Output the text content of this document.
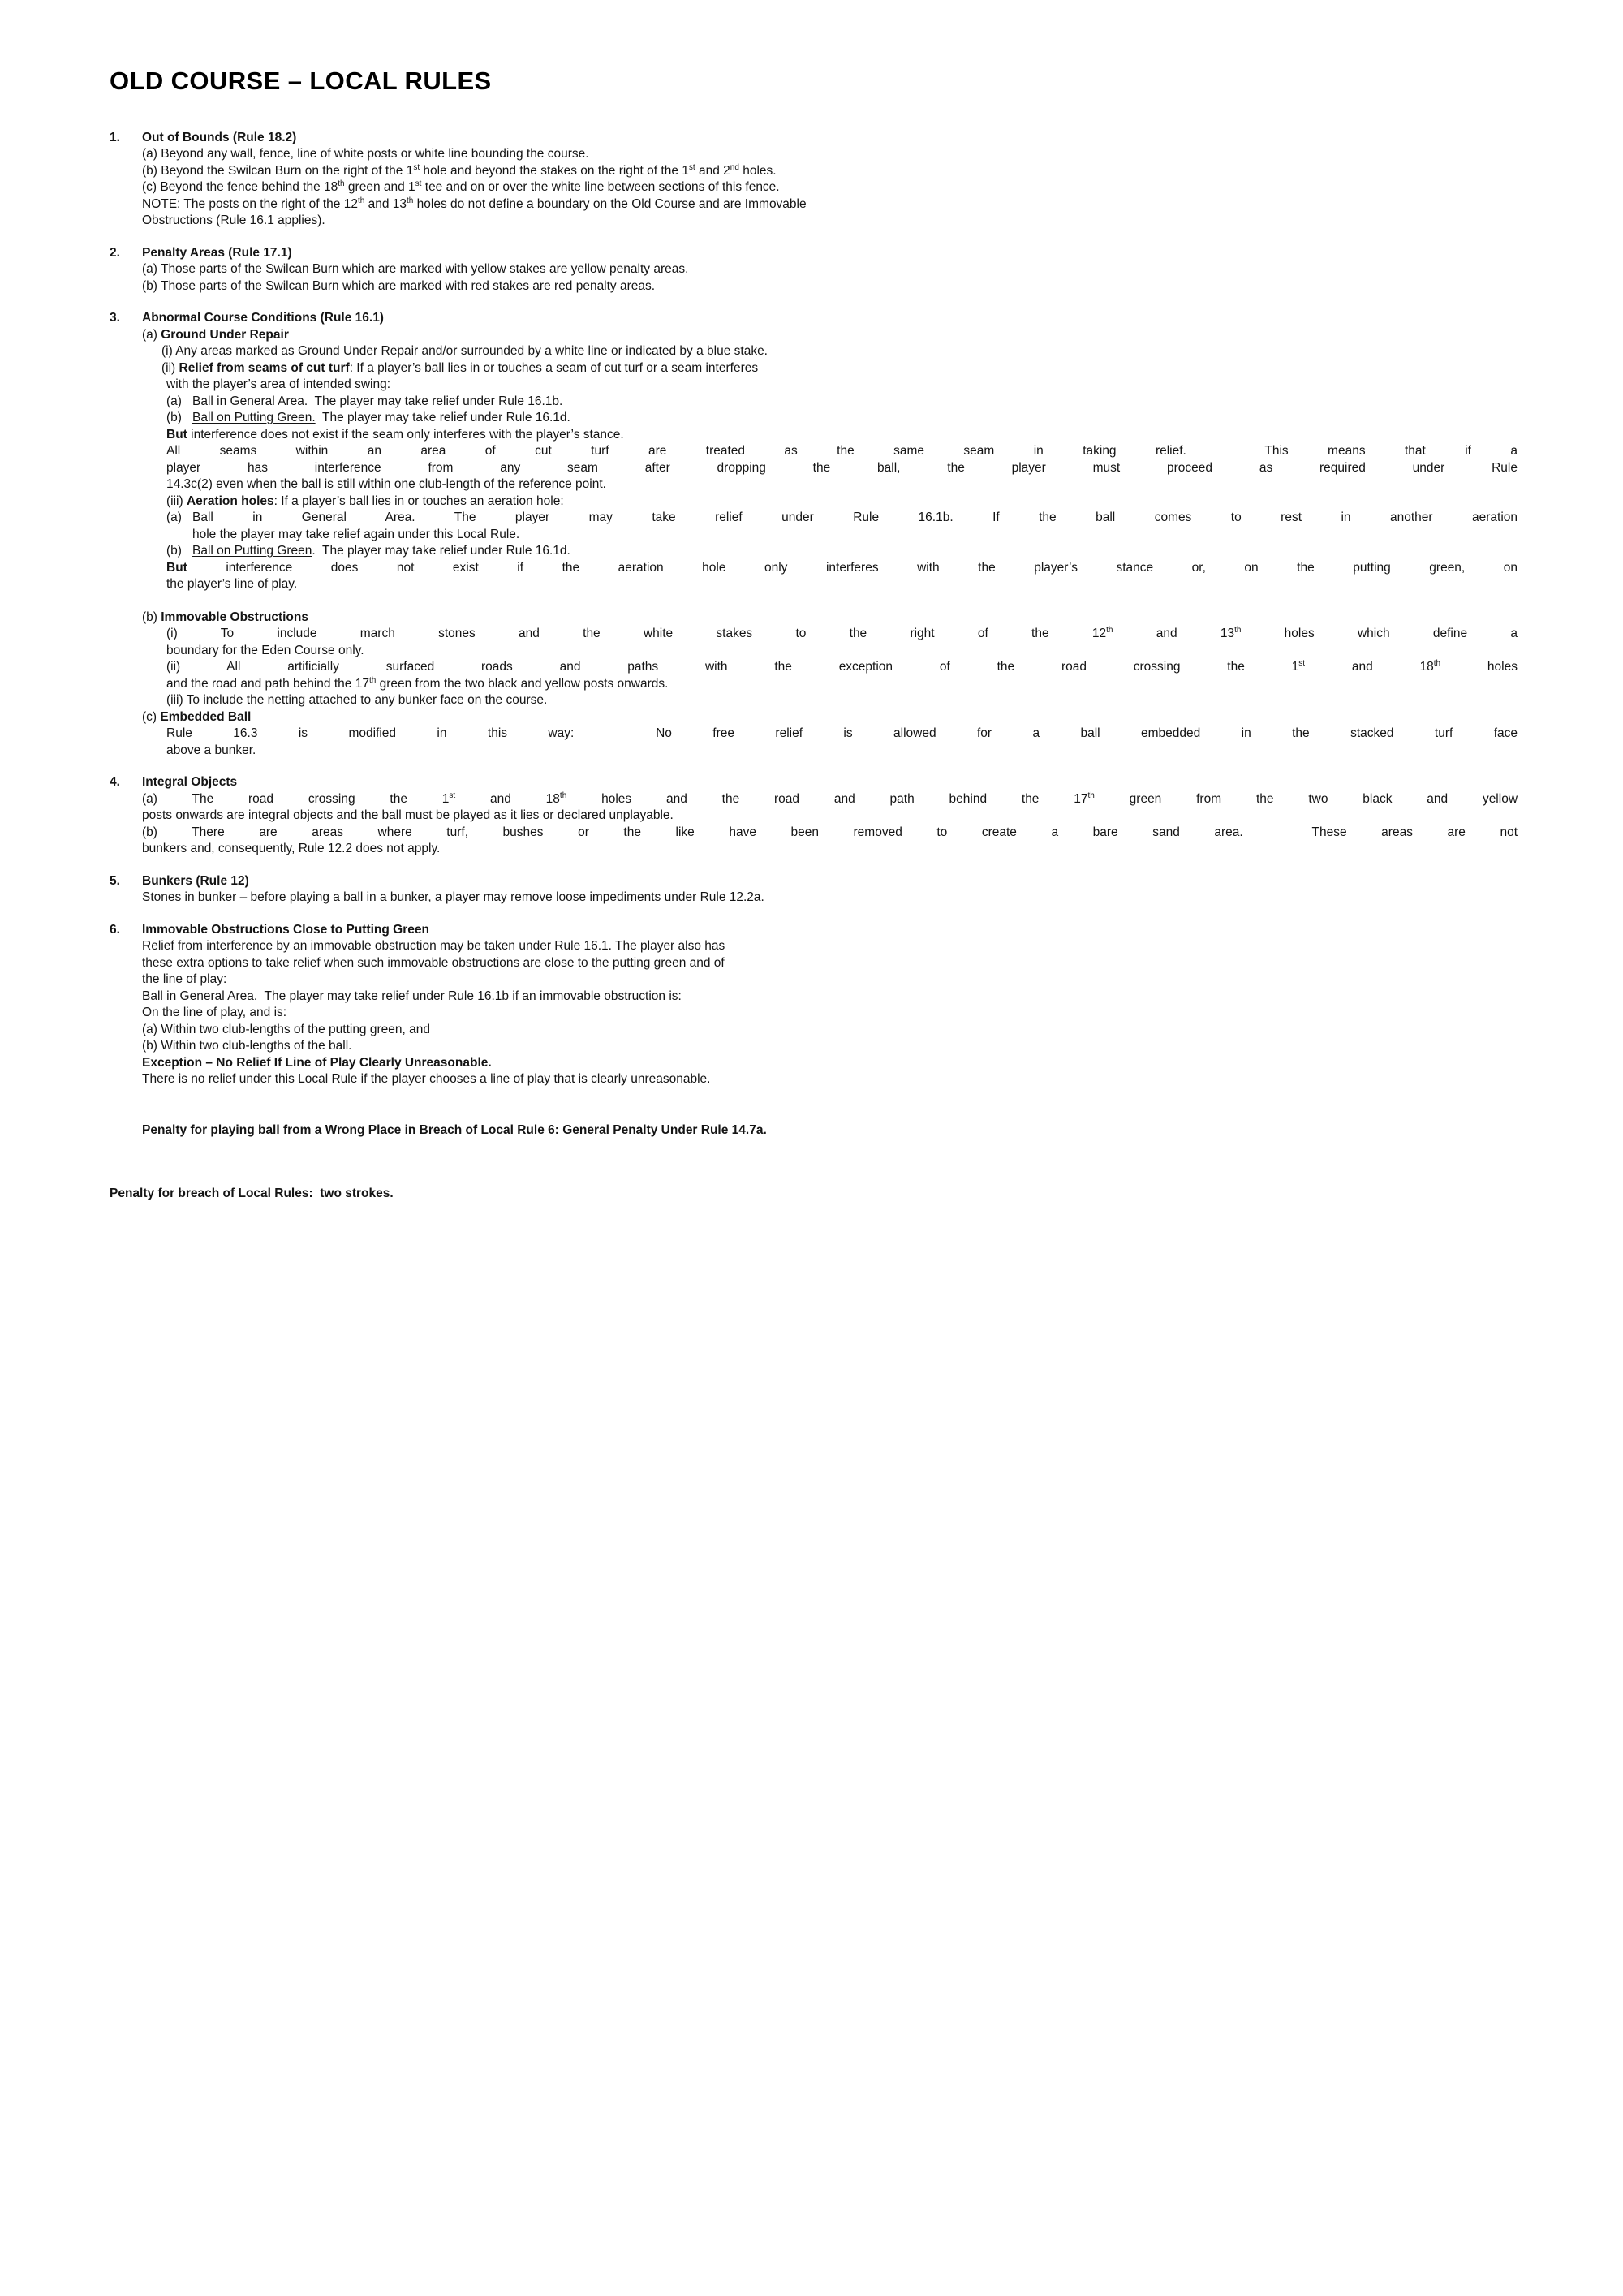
OLD COURSE – LOCAL RULES
1.	Out of Bounds (Rule 18.2)
(a) Beyond any wall, fence, line of white posts or white line bounding the course.
(b) Beyond the Swilcan Burn on the right of the 1st hole and beyond the stakes on the right of the 1st and 2nd holes.
(c) Beyond the fence behind the 18th green and 1st tee and on or over the white line between sections of this fence.
NOTE: The posts on the right of the 12th and 13th holes do not define a boundary on the Old Course and are Immovable
Obstructions (Rule 16.1 applies).
2.	Penalty Areas (Rule 17.1)
(a) Those parts of the Swilcan Burn which are marked with yellow stakes are yellow penalty areas.
(b) Those parts of the Swilcan Burn which are marked with red stakes are red penalty areas.
3.	Abnormal Course Conditions (Rule 16.1)
(a) Ground Under Repair
(i) Any areas marked as Ground Under Repair and/or surrounded by a white line or indicated by a blue stake.
(ii) Relief from seams of cut turf: If a player’s ball lies in or touches a seam of cut turf or a seam interferes
with the player’s area of intended swing:
(a) Ball in General Area.  The player may take relief under Rule 16.1b.
(b) Ball on Putting Green.  The player may take relief under Rule 16.1d.
But interference does not exist if the seam only interferes with the player’s stance.
All seams within an area of cut turf are treated as the same seam in taking relief.  This means that if a
player has interference from any seam after dropping the ball, the player must proceed as required under Rule
14.3c(2) even when the ball is still within one club-length of the reference point.
(iii) Aeration holes: If a player’s ball lies in or touches an aeration hole:
(a) Ball in General Area. The player may take relief under Rule 16.1b. If the ball comes to rest in another aeration
hole the player may take relief again under this Local Rule.
(b) Ball on Putting Green.  The player may take relief under Rule 16.1d.
But interference does not exist if the aeration hole only interferes with the player’s stance or, on the putting green, on
the player’s line of play.
(b) Immovable Obstructions
(i) To include march stones and the white stakes to the right of the 12th and 13th holes which define a
boundary for the Eden Course only.
(ii) All artificially surfaced roads and paths with the exception of the road crossing the 1st and 18th holes
and the road and path behind the 17th green from the two black and yellow posts onwards.
(iii) To include the netting attached to any bunker face on the course.
(c) Embedded Ball
Rule 16.3 is modified in this way:  No free relief is allowed for a ball embedded in the stacked turf face
above a bunker.
4.	Integral Objects
(a) The road crossing the 1st and 18th holes and the road and path behind the 17th green from the two black and yellow
posts onwards are integral objects and the ball must be played as it lies or declared unplayable.
(b) There are areas where turf, bushes or the like have been removed to create a bare sand area.  These areas are not
bunkers and, consequently, Rule 12.2 does not apply.
5.	Bunkers (Rule 12)
Stones in bunker – before playing a ball in a bunker, a player may remove loose impediments under Rule 12.2a.
6.	Immovable Obstructions Close to Putting Green
Relief from interference by an immovable obstruction may be taken under Rule 16.1. The player also has
these extra options to take relief when such immovable obstructions are close to the putting green and of
the line of play:
Ball in General Area.  The player may take relief under Rule 16.1b if an immovable obstruction is:
On the line of play, and is:
(a) Within two club-lengths of the putting green, and
(b) Within two club-lengths of the ball.
Exception – No Relief If Line of Play Clearly Unreasonable.
There is no relief under this Local Rule if the player chooses a line of play that is clearly unreasonable.

Penalty for playing ball from a Wrong Place in Breach of Local Rule 6: General Penalty Under Rule 14.7a.

Penalty for breach of Local Rules:  two strokes.
